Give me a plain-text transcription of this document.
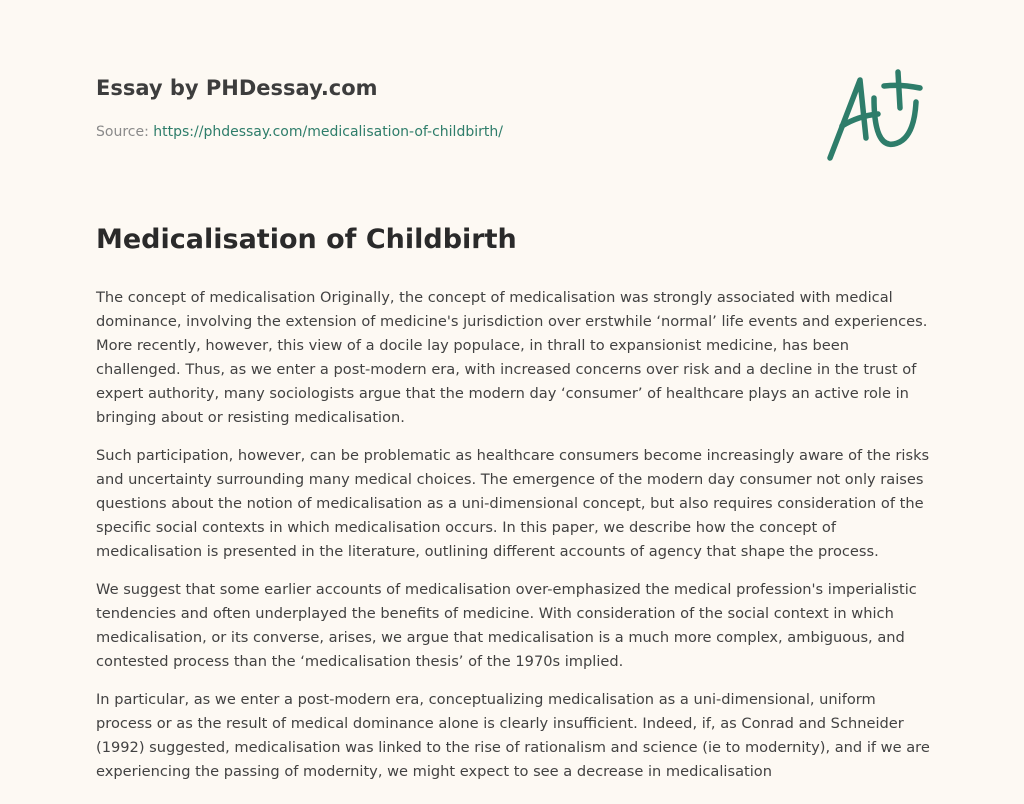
Essay by PHDessay.com
Source: https://phdessay.com/medicalisation-of-childbirth/
Medicalisation of Childbirth

The concept of medicalisation Originally, the concept of medicalisation was strongly associated with medical dominance, involving the extension of medicine's jurisdiction over erstwhile ‘normal’ life events and experiences. More recently, however, this view of a docile lay populace, in thrall to expansionist medicine, has been challenged. Thus, as we enter a post-modern era, with increased concerns over risk and a decline in the trust of expert authority, many sociologists argue that the modern day ‘consumer’ of healthcare plays an active role in bringing about or resisting medicalisation.

Such participation, however, can be problematic as healthcare consumers become increasingly aware of the risks and uncertainty surrounding many medical choices. The emergence of the modern day consumer not only raises questions about the notion of medicalisation as a uni-dimensional concept, but also requires consideration of the specific social contexts in which medicalisation occurs. In this paper, we describe how the concept of medicalisation is presented in the literature, outlining different accounts of agency that shape the process.

We suggest that some earlier accounts of medicalisation over-emphasized the medical profession's imperialistic tendencies and often underplayed the benefits of medicine. With consideration of the social context in which medicalisation, or its converse, arises, we argue that medicalisation is a much more complex, ambiguous, and contested process than the ‘medicalisation thesis’ of the 1970s implied.

In particular, as we enter a post-modern era, conceptualizing medicalisation as a uni-dimensional, uniform process or as the result of medical dominance alone is clearly insufficient. Indeed, if, as Conrad and Schneider (1992) suggested, medicalisation was linked to the rise of rationalism and science (ie to modernity), and if we are experiencing the passing of modernity, we might expect to see a decrease in medicalisation
